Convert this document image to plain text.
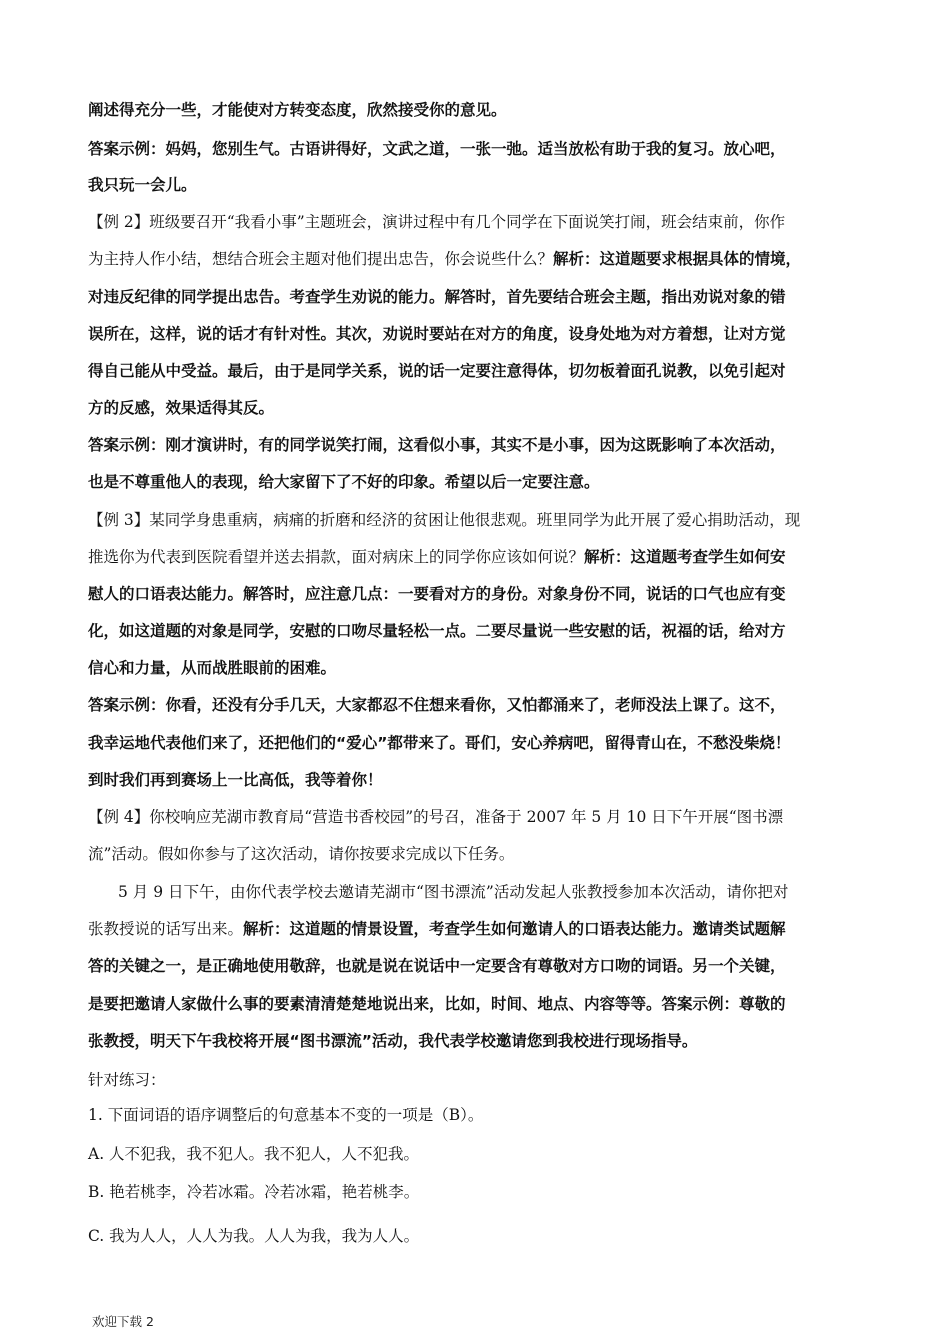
阐述得充分一些，才能使对方转变态度，欣然接受你的意见。
答案示例：妈妈，您别生气。古语讲得好，文武之道，一张一弛。适当放松有助于我的复习。放心吧，
我只玩一会儿。
【例 2】班级要召开“我看小事”主题班会，演讲过程中有几个同学在下面说笑打闹，班会结束前，你作
为主持人作小结，想结合班会主题对他们提出忠告，你会说些什么？解析：这道题要求根据具体的情境，
对违反纪律的同学提出忠告。考查学生劝说的能力。解答时，首先要结合班会主题，指出劝说对象的错
误所在，这样，说的话才有针对性。其次，劝说时要站在对方的角度，设身处地为对方着想，让对方觉
得自己能从中受益。最后，由于是同学关系，说的话一定要注意得体，切勿板着面孔说教，以免引起对
方的反感，效果适得其反。
答案示例：刚才演讲时，有的同学说笑打闹，这看似小事，其实不是小事，因为这既影响了本次活动，
也是不尊重他人的表现，给大家留下了不好的印象。希望以后一定要注意。
【例 3】某同学身患重病，病痛的折磨和经济的贫困让他很悲观。班里同学为此开展了爱心捐助活动，现
推选你为代表到医院看望并送去捐款，面对病床上的同学你应该如何说？解析：这道题考查学生如何安
慰人的口语表达能力。解答时，应注意几点：一要看对方的身份。对象身份不同，说话的口气也应有变
化，如这道题的对象是同学，安慰的口吻尽量轻松一点。二要尽量说一些安慰的话，祝福的话，给对方
信心和力量，从而战胜眼前的困难。
答案示例：你看，还没有分手几天，大家都忍不住想来看你，又怕都涌来了，老师没法上课了。这不，
我幸运地代表他们来了，还把他们的“爱心”都带来了。哥们，安心养病吧，留得青山在，不愁没柴烧！
到时我们再到赛场上一比高低，我等着你！
【例 4】你校响应芜湖市教育局“营造书香校园”的号召，准备于 2007 年 5 月 10 日下午开展“图书漂
流”活动。假如你参与了这次活动，请你按要求完成以下任务。
5 月 9 日下午，由你代表学校去邀请芜湖市“图书漂流”活动发起人张教授参加本次活动，请你把对
张教授说的话写出来。解析：这道题的情景设置，考查学生如何邀请人的口语表达能力。邀请类试题解
答的关键之一，是正确地使用敬辞，也就是说在说话中一定要含有尊敬对方口吻的词语。另一个关键，
是要把邀请人家做什么事的要素清清楚楚地说出来，比如，时间、地点、内容等等。答案示例：尊敬的
张教授，明天下午我校将开展“图书漂流”活动，我代表学校邀请您到我校进行现场指导。
针对练习：
1. 下面词语的语序调整后的句意基本不变的一项是（B）。
A. 人不犯我，我不犯人。我不犯人，人不犯我。
B. 艳若桃李，冷若冰霜。冷若冰霜，艳若桃李。
C. 我为人人，人人为我。人人为我，我为人人。
欢迎下载 2
